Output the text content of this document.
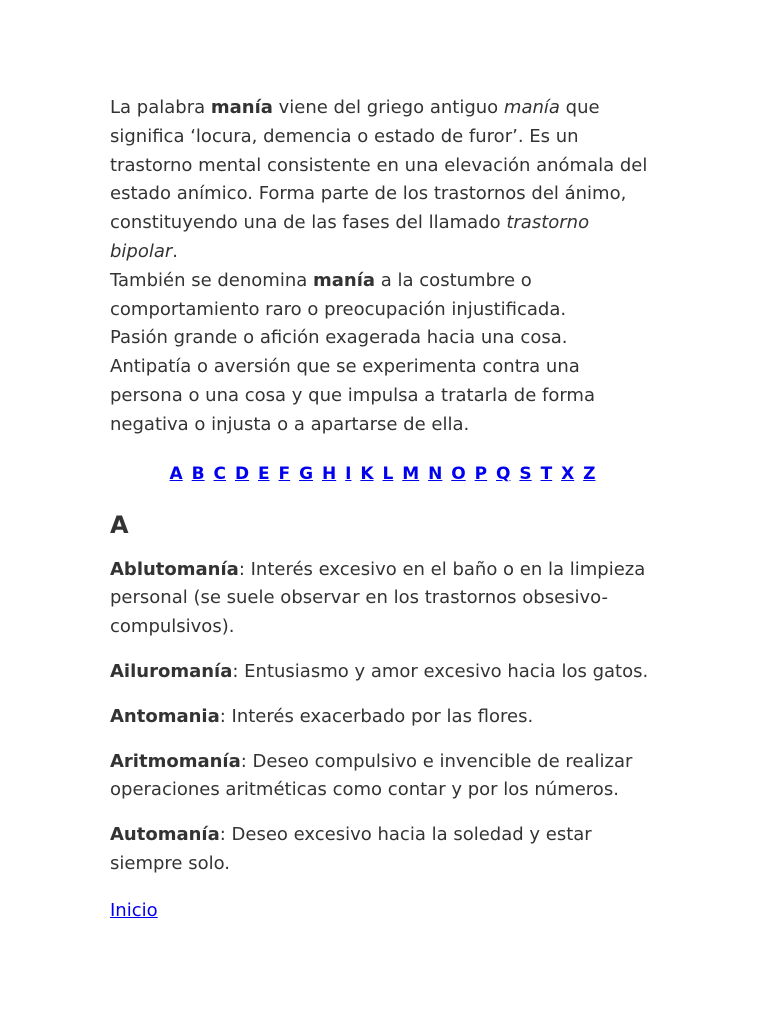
La palabra manía viene del griego antiguo manía que significa ‘locura, demencia o estado de furor’. Es un trastorno mental consistente en una elevación anómala del estado anímico. Forma parte de los trastornos del ánimo, constituyendo una de las fases del llamado trastorno bipolar.

También se denomina manía a la costumbre o comportamiento raro o preocupación injustificada.

Pasión grande o afición exagerada hacia una cosa.

Antipatía o aversión que se experimenta contra una persona o una cosa y que impulsa a tratarla de forma negativa o injusta o a apartarse de ella.

A B C D E F G H I K L M N O P Q S T X Z
A

Ablutomanía: Interés excesivo en el baño o en la limpieza personal (se suele observar en los trastornos obsesivo-compulsivos).

Ailuromanía: Entusiasmo y amor excesivo hacia los gatos.

Antomania: Interés exacerbado por las flores.

Aritmomanía: Deseo compulsivo e invencible de realizar operaciones aritméticas como contar y por los números.

Automanía: Deseo excesivo hacia la soledad y estar siempre solo.

Inicio
